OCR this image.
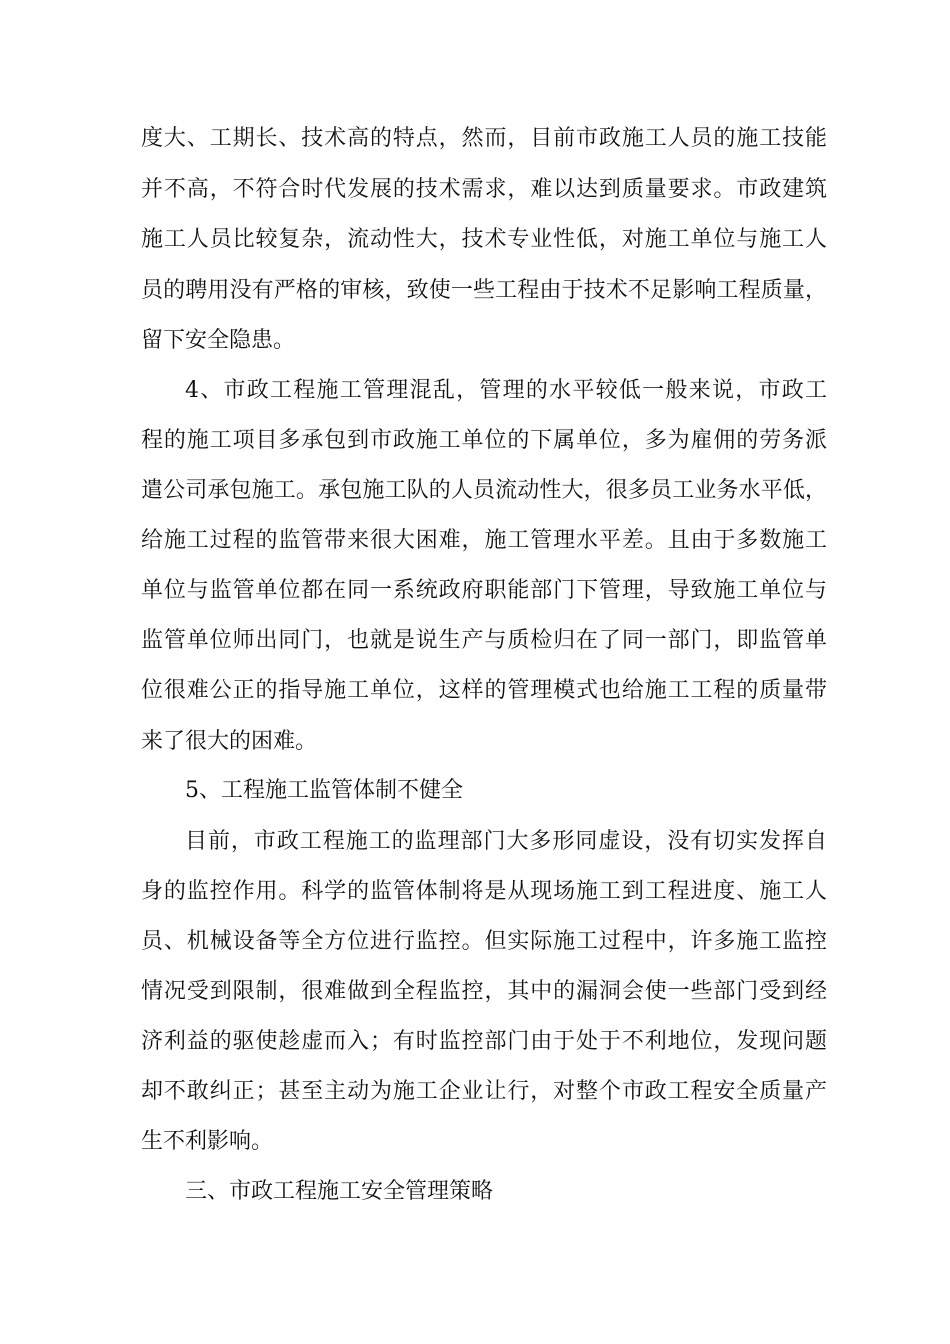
度大、工期长、技术高的特点，然而，目前市政施工人员的施工技能

并不高，不符合时代发展的技术需求，难以达到质量要求。市政建筑

施工人员比较复杂，流动性大，技术专业性低，对施工单位与施工人

员的聘用没有严格的审核，致使一些工程由于技术不足影响工程质量，

留下安全隐患。

4、市政工程施工管理混乱，管理的水平较低一般来说，市政工

程的施工项目多承包到市政施工单位的下属单位，多为雇佣的劳务派

遣公司承包施工。承包施工队的人员流动性大，很多员工业务水平低，

给施工过程的监管带来很大困难，施工管理水平差。且由于多数施工

单位与监管单位都在同一系统政府职能部门下管理，导致施工单位与

监管单位师出同门，也就是说生产与质检归在了同一部门，即监管单

位很难公正的指导施工单位，这样的管理模式也给施工工程的质量带

来了很大的困难。

5、工程施工监管体制不健全

目前，市政工程施工的监理部门大多形同虚设，没有切实发挥自

身的监控作用。科学的监管体制将是从现场施工到工程进度、施工人

员、机械设备等全方位进行监控。但实际施工过程中，许多施工监控

情况受到限制，很难做到全程监控，其中的漏洞会使一些部门受到经

济利益的驱使趁虚而入；有时监控部门由于处于不利地位，发现问题

却不敢纠正；甚至主动为施工企业让行，对整个市政工程安全质量产

生不利影响。

三、市政工程施工安全管理策略
